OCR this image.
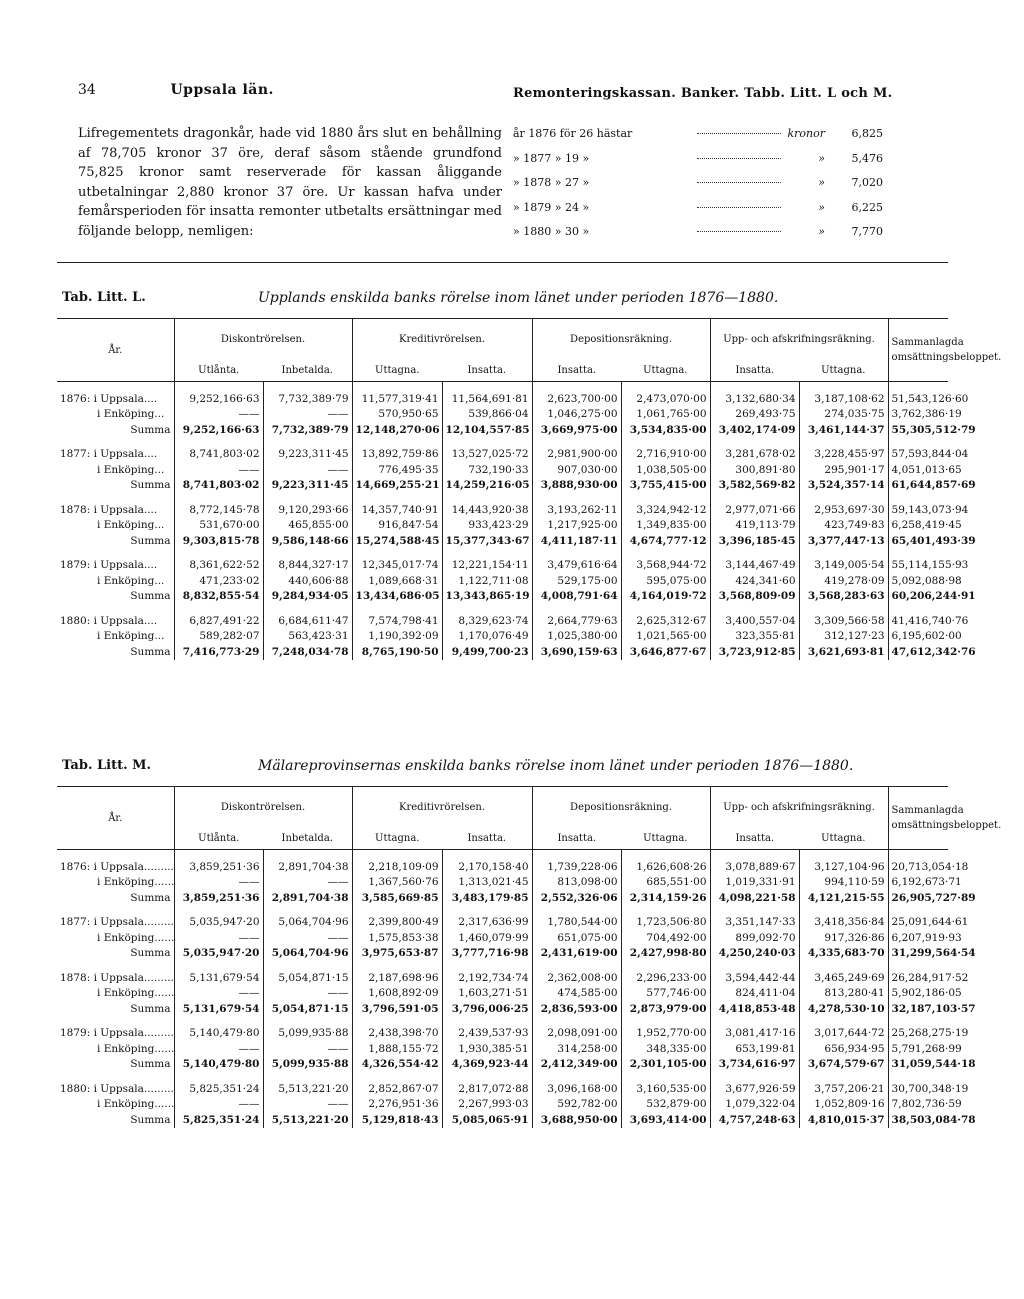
34	Uppsala län.	Remonteringskassan. Banker. Tabb. Litt. L och M.
Lifregementets dragonkår, hade vid 1880 års slut en behållning af 78,705 kronor 37 öre, deraf såsom stående grundfond 75,825 kronor samt reserverade för kassan åliggande utbetalningar 2,880 kronor 37 öre. Ur kassan hafva under femårsperioden för insatta remonter utbetalts ersättningar med följande belopp, nemligen:
år 1876 för 26 hästar	kronor	6,825
» 1877 » 19 »	»	5,476
» 1878 » 27 »	»	7,020
» 1879 » 24 »	»	6,225
» 1880 » 30 »	»	7,770
Tab. Litt. L.	Upplands enskilda banks rörelse inom länet under perioden 1876—1880.
År.	Diskontrörelsen.		Kreditivrörelsen.		Depositionsräkning.		Upp- och afskrifningsräkning.		Sammanlagda omsättningsbeloppet.
	Utlånta.	Inbetalda.	Uttagna.	Insatta.	Insatta.	Uttagna.	Insatta.	Uttagna.	

1876: i Uppsala....	9,252,166·63	7,732,389·79	11,577,319·41	11,564,691·81	2,623,700·00	2,473,070·00	3,132,680·34	3,187,108·62	51,543,126·60
i Enköping...	——	——	570,950·65	539,866·04	1,046,275·00	1,061,765·00	269,493·75	274,035·75	3,762,386·19
Summa	9,252,166·63	7,732,389·79	12,148,270·06	12,104,557·85	3,669,975·00	3,534,835·00	3,402,174·09	3,461,144·37	55,305,512·79

1877: i Uppsala....	8,741,803·02	9,223,311·45	13,892,759·86	13,527,025·72	2,981,900·00	2,716,910·00	3,281,678·02	3,228,455·97	57,593,844·04
i Enköping...	——	——	776,495·35	732,190·33	907,030·00	1,038,505·00	300,891·80	295,901·17	4,051,013·65
Summa	8,741,803·02	9,223,311·45	14,669,255·21	14,259,216·05	3,888,930·00	3,755,415·00	3,582,569·82	3,524,357·14	61,644,857·69

1878: i Uppsala....	8,772,145·78	9,120,293·66	14,357,740·91	14,443,920·38	3,193,262·11	3,324,942·12	2,977,071·66	2,953,697·30	59,143,073·94
i Enköping...	531,670·00	465,855·00	916,847·54	933,423·29	1,217,925·00	1,349,835·00	419,113·79	423,749·83	6,258,419·45
Summa	9,303,815·78	9,586,148·66	15,274,588·45	15,377,343·67	4,411,187·11	4,674,777·12	3,396,185·45	3,377,447·13	65,401,493·39

1879: i Uppsala....	8,361,622·52	8,844,327·17	12,345,017·74	12,221,154·11	3,479,616·64	3,568,944·72	3,144,467·49	3,149,005·54	55,114,155·93
i Enköping...	471,233·02	440,606·88	1,089,668·31	1,122,711·08	529,175·00	595,075·00	424,341·60	419,278·09	5,092,088·98
Summa	8,832,855·54	9,284,934·05	13,434,686·05	13,343,865·19	4,008,791·64	4,164,019·72	3,568,809·09	3,568,283·63	60,206,244·91

1880: i Uppsala....	6,827,491·22	6,684,611·47	7,574,798·41	8,329,623·74	2,664,779·63	2,625,312·67	3,400,557·04	3,309,566·58	41,416,740·76
i Enköping...	589,282·07	563,423·31	1,190,392·09	1,170,076·49	1,025,380·00	1,021,565·00	323,355·81	312,127·23	6,195,602·00
Summa	7,416,773·29	7,248,034·78	8,765,190·50	9,499,700·23	3,690,159·63	3,646,877·67	3,723,912·85	3,621,693·81	47,612,342·76
Tab. Litt. M.	Mälareprovinsernas enskilda banks rörelse inom länet under perioden 1876—1880.
År.	Diskontrörelsen.		Kreditivrörelsen.		Depositionsräkning.		Upp- och afskrifningsräkning.		Sammanlagda omsättningsbeloppet.
	Utlånta.	Inbetalda.	Uttagna.	Insatta.	Insatta.	Uttagna.	Insatta.	Uttagna.	

1876: i Uppsala.........	3,859,251·36	2,891,704·38	2,218,109·09	2,170,158·40	1,739,228·06	1,626,608·26	3,078,889·67	3,127,104·96	20,713,054·18
i Enköping......	——	——	1,367,560·76	1,313,021·45	813,098·00	685,551·00	1,019,331·91	994,110·59	6,192,673·71
Summa	3,859,251·36	2,891,704·38	3,585,669·85	3,483,179·85	2,552,326·06	2,314,159·26	4,098,221·58	4,121,215·55	26,905,727·89

1877: i Uppsala.........	5,035,947·20	5,064,704·96	2,399,800·49	2,317,636·99	1,780,544·00	1,723,506·80	3,351,147·33	3,418,356·84	25,091,644·61
i Enköping......	——	——	1,575,853·38	1,460,079·99	651,075·00	704,492·00	899,092·70	917,326·86	6,207,919·93
Summa	5,035,947·20	5,064,704·96	3,975,653·87	3,777,716·98	2,431,619·00	2,427,998·80	4,250,240·03	4,335,683·70	31,299,564·54

1878: i Uppsala.........	5,131,679·54	5,054,871·15	2,187,698·96	2,192,734·74	2,362,008·00	2,296,233·00	3,594,442·44	3,465,249·69	26,284,917·52
i Enköping......	——	——	1,608,892·09	1,603,271·51	474,585·00	577,746·00	824,411·04	813,280·41	5,902,186·05
Summa	5,131,679·54	5,054,871·15	3,796,591·05	3,796,006·25	2,836,593·00	2,873,979·00	4,418,853·48	4,278,530·10	32,187,103·57

1879: i Uppsala.........	5,140,479·80	5,099,935·88	2,438,398·70	2,439,537·93	2,098,091·00	1,952,770·00	3,081,417·16	3,017,644·72	25,268,275·19
i Enköping......	——	——	1,888,155·72	1,930,385·51	314,258·00	348,335·00	653,199·81	656,934·95	5,791,268·99
Summa	5,140,479·80	5,099,935·88	4,326,554·42	4,369,923·44	2,412,349·00	2,301,105·00	3,734,616·97	3,674,579·67	31,059,544·18

1880: i Uppsala.........	5,825,351·24	5,513,221·20	2,852,867·07	2,817,072·88	3,096,168·00	3,160,535·00	3,677,926·59	3,757,206·21	30,700,348·19
i Enköping......	——	——	2,276,951·36	2,267,993·03	592,782·00	532,879·00	1,079,322·04	1,052,809·16	7,802,736·59
Summa	5,825,351·24	5,513,221·20	5,129,818·43	5,085,065·91	3,688,950·00	3,693,414·00	4,757,248·63	4,810,015·37	38,503,084·78
